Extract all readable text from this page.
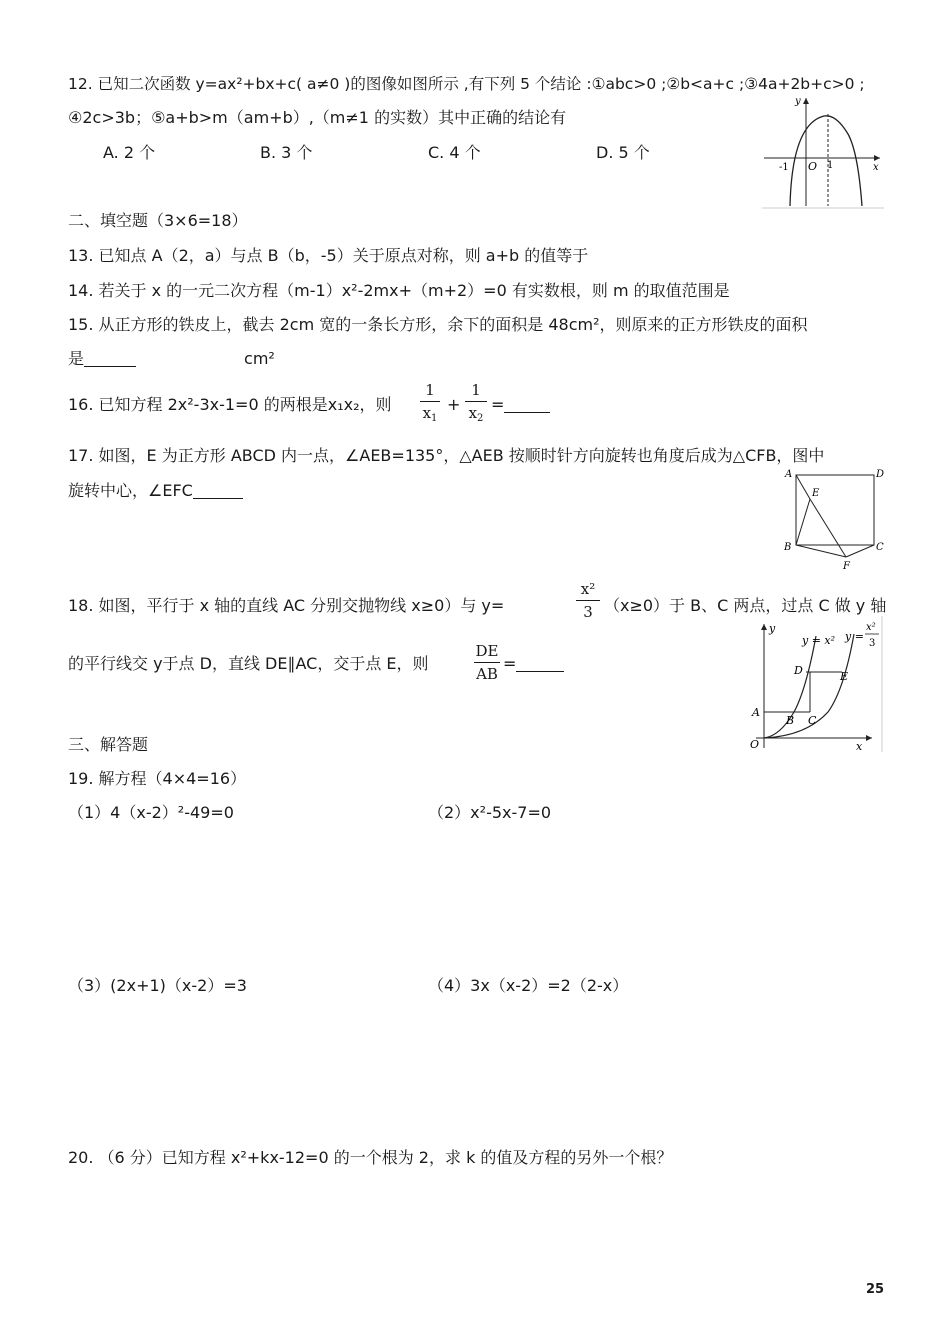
12. 已知二次函数 y=ax²+bx+c( a≠0 )的图像如图所示 ,有下列 5 个结论 :①abc>0 ;②b<a+c ;③4a+2b+c>0 ;
④2c>3b；⑤a+b>m（am+b）,（m≠1 的实数）其中正确的结论有
A. 2 个	B. 3 个	C. 4 个	D. 5 个
y
x
O
-1	1
二、填空题（3×6=18）
13. 已知点 A（2，a）与点 B（b，-5）关于原点对称，则 a+b 的值等于
14. 若关于 x 的一元二次方程（m-1）x²-2mx+（m+2）=0 有实数根，则 m 的取值范围是
15. 从正方形的铁皮上，截去 2cm 宽的一条长方形，余下的面积是 48cm²，则原来的正方形铁皮的面积
是	cm²
16. 已知方程 2x²-3x-1=0 的两根是x₁x₂，则
1
$x_1$
+
1
$x_2$
=
17. 如图，E 为正方形 ABCD 内一点，∠AEB=135°，△AEB 按顺时针方向旋转也角度后成为△CFB，图中
旋转中心，∠EFC
A	D
E
B	C
F
18. 如图，平行于 x 轴的直线 AC 分别交抛物线 x≥0）与 y=
x²
3 （x≥0）于 B、C 两点，过点 C 做 y 轴
的平行线交 y于点 D，直线 DE∥AC，交于点 E，则
DE
AB
=
y
x
O
A
B C
D	E
y = x² y =
x²
3
三、解答题
19. 解方程（4×4=16）
（1）4（x-2）²-49=0	（2）x²-5x-7=0
（3）(2x+1)（x-2）=3	（4）3x（x-2）=2（2-x）
20. （6 分）已知方程 x²+kx-12=0 的一个根为 2，求 k 的值及方程的另外一个根？
25
